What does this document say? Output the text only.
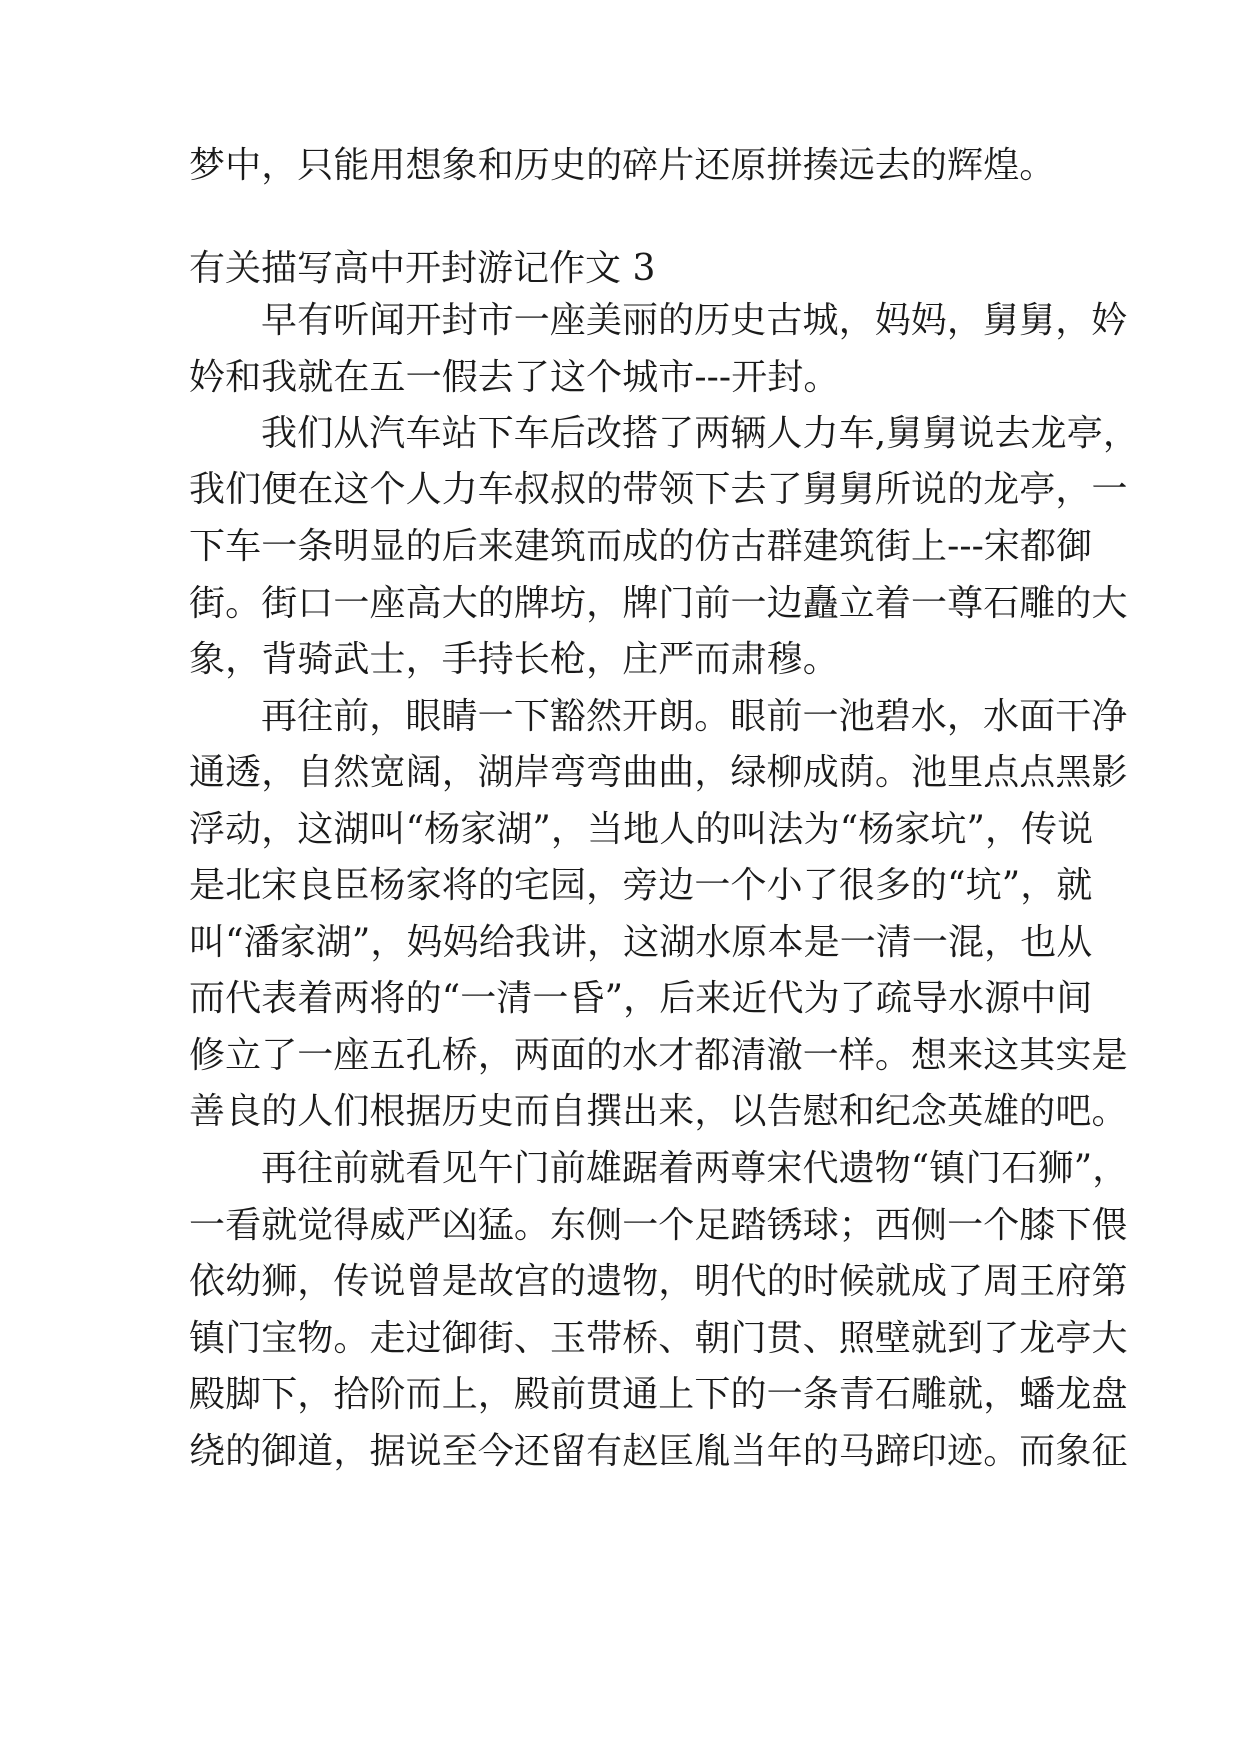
梦中，只能用想象和历史的碎片还原拼揍远去的辉煌。
有关描写高中开封游记作文 3
早有听闻开封市一座美丽的历史古城，妈妈，舅舅，妗
妗和我就在五一假去了这个城市---开封。
我们从汽车站下车后改搭了两辆人力车,舅舅说去龙亭，
我们便在这个人力车叔叔的带领下去了舅舅所说的龙亭，一
下车一条明显的后来建筑而成的仿古群建筑街上---宋都御
街。街口一座高大的牌坊，牌门前一边矗立着一尊石雕的大
象，背骑武士，手持长枪，庄严而肃穆。
再往前，眼睛一下豁然开朗。眼前一池碧水，水面干净
通透，自然宽阔，湖岸弯弯曲曲，绿柳成荫。池里点点黑影
浮动，这湖叫“杨家湖”，当地人的叫法为“杨家坑”，传说
是北宋良臣杨家将的宅园，旁边一个小了很多的“坑”，就
叫“潘家湖”，妈妈给我讲，这湖水原本是一清一混，也从
而代表着两将的“一清一昏”，后来近代为了疏导水源中间
修立了一座五孔桥，两面的水才都清澈一样。想来这其实是
善良的人们根据历史而自撰出来，以告慰和纪念英雄的吧。
再往前就看见午门前雄踞着两尊宋代遗物“镇门石狮”，
一看就觉得威严凶猛。东侧一个足踏锈球；西侧一个膝下偎
依幼狮，传说曾是故宫的遗物，明代的时候就成了周王府第
镇门宝物。走过御街、玉带桥、朝门贯、照壁就到了龙亭大
殿脚下，拾阶而上，殿前贯通上下的一条青石雕就，蟠龙盘
绕的御道，据说至今还留有赵匡胤当年的马蹄印迹。而象征
